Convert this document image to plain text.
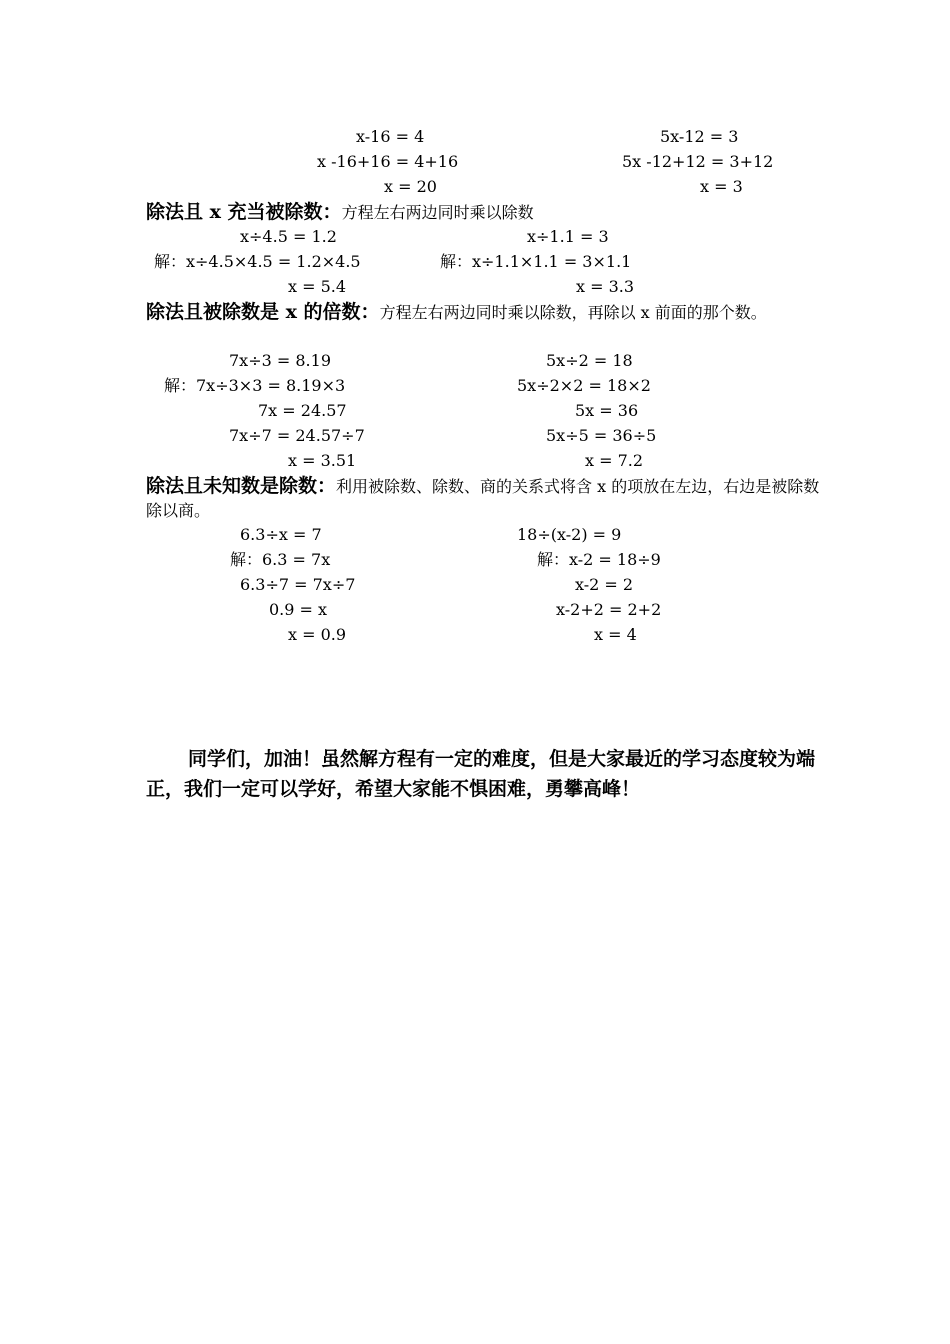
x-16 = 4
x -16+16 = 4+16
x = 20
5x-12 = 3
5x -12+12 = 3+12
x = 3
除法且 x 充当被除数：方程左右两边同时乘以除数
x÷4.5 = 1.2
解：x÷4.5×4.5 = 1.2×4.5
x = 5.4
x÷1.1 = 3
解：x÷1.1×1.1 = 3×1.1
x = 3.3
除法且被除数是 x 的倍数：方程左右两边同时乘以除数，再除以 x 前面的那个数。
7x÷3 = 8.19
解：7x÷3×3 = 8.19×3
7x = 24.57
7x÷7 = 24.57÷7
x = 3.51
5x÷2 = 18
5x÷2×2 = 18×2
5x = 36
5x÷5 = 36÷5
x = 7.2
除法且未知数是除数：利用被除数、除数、商的关系式将含 x 的项放在左边，右边是被除数除以商。
6.3÷x = 7
解：6.3 = 7x
6.3÷7 = 7x÷7
0.9 = x
x = 0.9
18÷(x-2) = 9
解：x-2 = 18÷9
x-2 = 2
x-2+2 = 2+2
x = 4
同学们，加油！虽然解方程有一定的难度，但是大家最近的学习态度较为端正，我们一定可以学好，希望大家能不惧困难，勇攀高峰！
